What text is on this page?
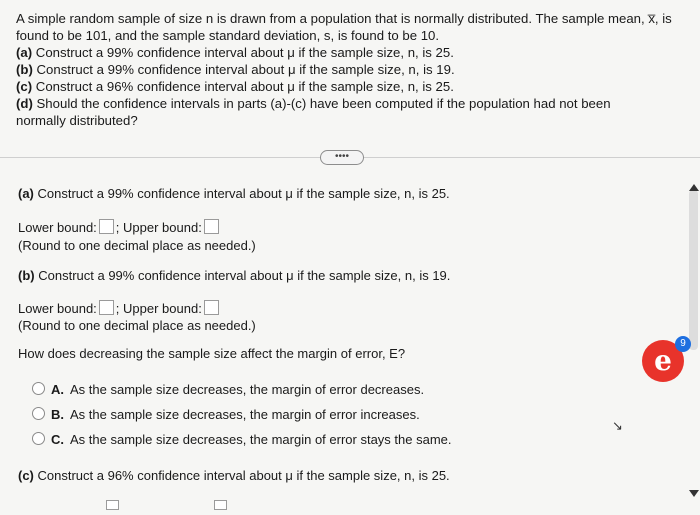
A simple random sample of size n is drawn from a population that is normally distributed. The sample mean, x̅, is

found to be 101, and the sample standard deviation, s, is found to be 10.

(a) Construct a 99% confidence interval about μ if the sample size, n, is 25.

(b) Construct a 99% confidence interval about μ if the sample size, n, is 19.

(c) Construct a 96% confidence interval about μ if the sample size, n, is 25.

(d) Should the confidence intervals in parts (a)-(c) have been computed if the population had not been

normally distributed?

••••
(a) Construct a 99% confidence interval about μ if the sample size, n, is 25.
Lower bound: ; Upper bound:
(Round to one decimal place as needed.)
(b) Construct a 99% confidence interval about μ if the sample size, n, is 19.
Lower bound: ; Upper bound:
(Round to one decimal place as needed.)
How does decreasing the sample size affect the margin of error, E?
A. As the sample size decreases, the margin of error decreases.
B. As the sample size decreases, the margin of error increases.
C. As the sample size decreases, the margin of error stays the same.
(c) Construct a 96% confidence interval about μ if the sample size, n, is 25.

e
9
↘
